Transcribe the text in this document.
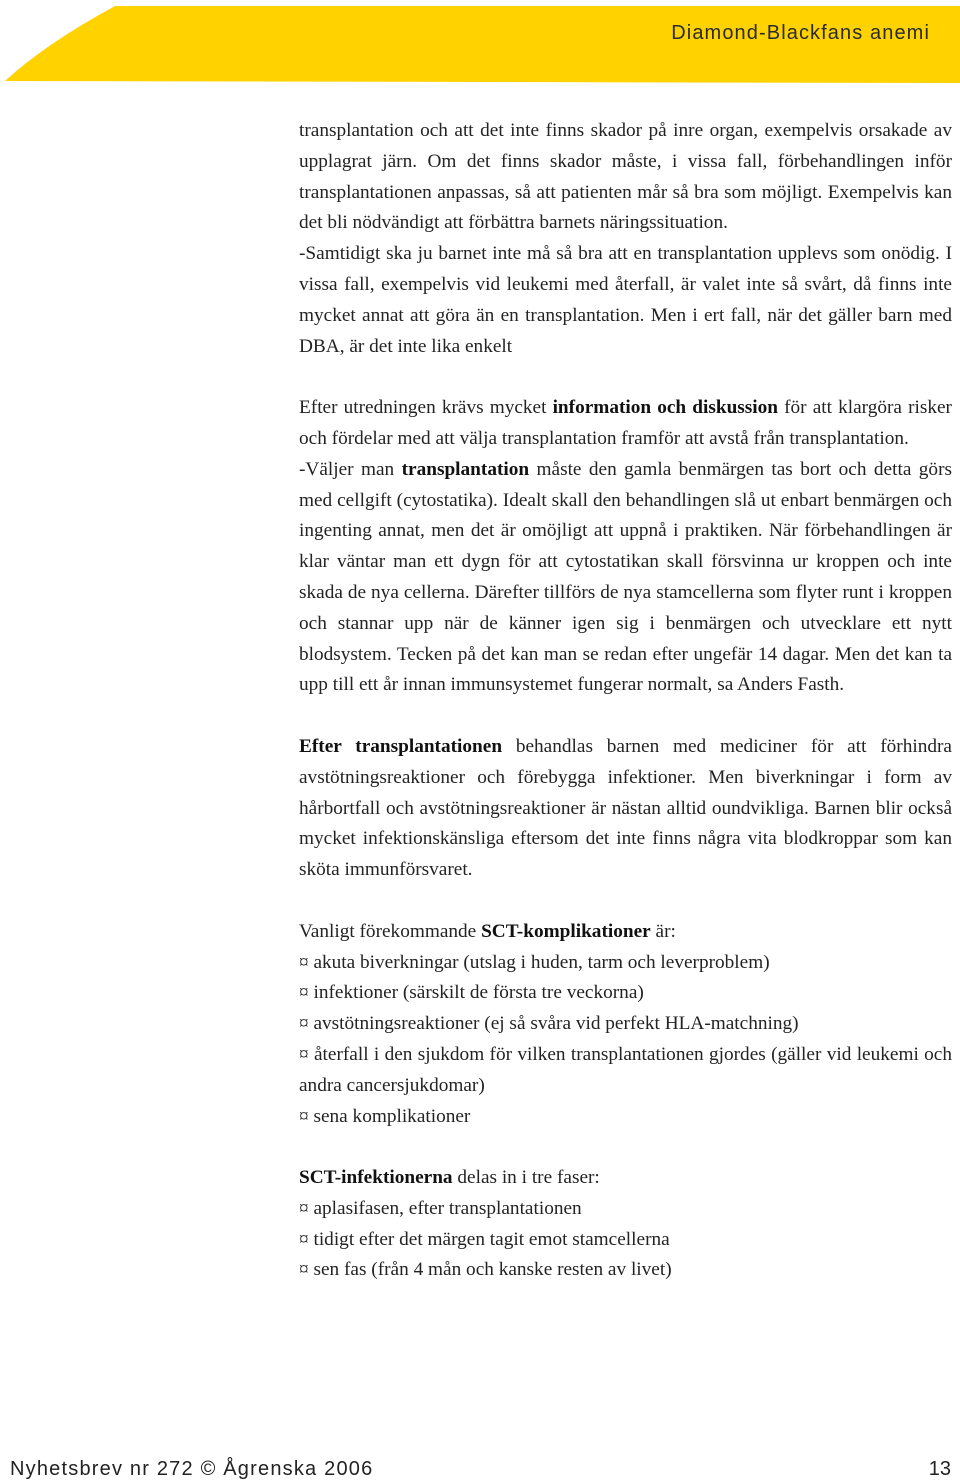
Diamond-Blackfans anemi

transplantation och att det inte finns skador på inre organ, exempelvis orsakade av upplagrat järn. Om det finns skador måste, i vissa fall, förbehandlingen inför transplantationen anpassas, så att patienten mår så bra som möjligt. Exempelvis kan det bli nödvändigt att förbättra barnets näringssituation.

-Samtidigt ska ju barnet inte må så bra att en transplantation upplevs som onödig. I vissa fall, exempelvis vid leukemi med återfall, är valet inte så svårt, då finns inte mycket annat att göra än en transplantation. Men i ert fall, när det gäller barn med DBA, är det inte lika enkelt

Efter utredningen krävs mycket information och diskussion för att klargöra risker och fördelar med att välja transplantation framför att avstå från transplantation.

-Väljer man transplantation måste den gamla benmärgen tas bort och detta görs med cellgift (cytostatika). Idealt skall den behandlingen slå ut enbart benmärgen och ingenting annat, men det är omöjligt att uppnå i praktiken. När förbehandlingen är klar väntar man ett dygn för att cytostatikan skall försvinna ur kroppen och inte skada de nya cellerna. Därefter tillförs de nya stamcellerna som flyter runt i kroppen och stannar upp när de känner igen sig i benmärgen och utvecklare ett nytt blodsystem. Tecken på det kan man se redan efter ungefär 14 dagar. Men det kan ta upp till ett år innan immunsystemet fungerar normalt, sa Anders Fasth.

Efter transplantationen behandlas barnen med mediciner för att förhindra avstötningsreaktioner och förebygga infektioner. Men biverkningar i form av hårbortfall och avstötningsreaktioner är nästan alltid oundvikliga. Barnen blir också mycket infektionskänsliga eftersom det inte finns några vita blodkroppar som kan sköta immunförsvaret.

Vanligt förekommande SCT-komplikationer är:

¤ akuta biverkningar (utslag i huden, tarm och leverproblem)

¤ infektioner (särskilt de första tre veckorna)

¤ avstötningsreaktioner (ej så svåra vid perfekt HLA-matchning)

¤ återfall i den sjukdom för vilken transplantationen gjordes (gäller vid leukemi och andra cancersjukdomar)

¤ sena komplikationer

SCT-infektionerna delas in i tre faser:

¤ aplasifasen, efter transplantationen

¤ tidigt efter det märgen tagit emot stamcellerna

¤ sen fas (från 4 mån och kanske resten av livet)

Nyhetsbrev nr 272 © Ågrenska 2006	13
